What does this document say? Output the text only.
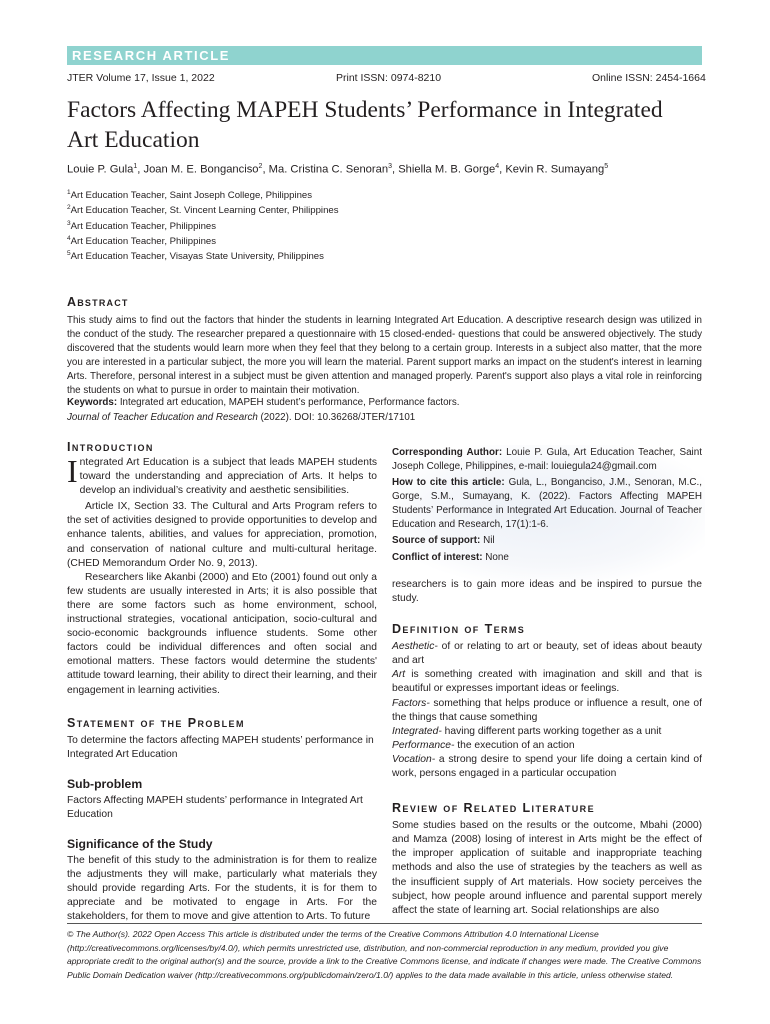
RESEARCH ARTICLE
JTER Volume 17, Issue 1, 2022	Print ISSN: 0974-8210	Online ISSN: 2454-1664
Factors Affecting MAPEH Students’ Performance in Integrated Art Education
Louie P. Gula$^1$, Joan M. E. Bonganciso$^2$, Ma. Cristina C. Senoran$^3$, Shiella M. B. Gorge$^4$, Kevin R. Sumayang$^5$
$^1$Art Education Teacher, Saint Joseph College, Philippines
$^2$Art Education Teacher, St. Vincent Learning Center, Philippines
$^3$Art Education Teacher, Philippines
$^4$Art Education Teacher, Philippines
$^5$Art Education Teacher, Visayas State University, Philippines
Abstract
This study aims to find out the factors that hinder the students in learning Integrated Art Education. A descriptive research design was utilized in the conduct of the study. The researcher prepared a questionnaire with 15 closed-ended- questions that could be answered objectively. The study discovered that the students would learn more when they feel that they belong to a certain group. Interests in a subject also matter, that the more you are interested in a particular subject, the more you will learn the material. Parent support marks an impact on the student's interest in learning Arts. Therefore, personal interest in a subject must be given attention and managed properly. Parent's support also plays a vital role in reinforcing the students on what to pursue in order to maintain their motivation.
Keywords: Integrated art education, MAPEH student’s performance, Performance factors.
Journal of Teacher Education and Research (2022). DOI: 10.36268/JTER/17101
Introduction
Integrated Art Education is a subject that leads MAPEH students toward the understanding and appreciation of Arts. It helps to develop an individual’s creativity and aesthetic sensibilities.
Article IX, Section 33. The Cultural and Arts Program refers to the set of activities designed to provide opportunities to develop and enhance talents, abilities, and values for appreciation, promotion, and conservation of national culture and multi-cultural heritage. (CHED Memorandum Order No. 9, 2013).
Researchers like Akanbi (2000) and Eto (2001) found out only a few students are usually interested in Arts; it is also possible that there are some factors such as home environment, school, instructional strategies, vocational anticipation, socio-cultural and socio-economic backgrounds influence students. Some other factors could be individual differences and often social and emotional matters. These factors would determine the students' attitude toward learning, their ability to direct their learning, and their engagement in learning activities.
Statement of the Problem
To determine the factors affecting MAPEH students’ performance in Integrated Art Education
Sub-problem
Factors Affecting MAPEH students’ performance in Integrated Art Education
Significance of the Study
The benefit of this study to the administration is for them to realize the adjustments they will make, particularly what materials they should provide regarding Arts. For the students, it is for them to appreciate and be motivated to engage in Arts. For the stakeholders, for them to move and give attention to Arts. To future
Corresponding Author: Louie P. Gula, Art Education Teacher, Saint Joseph College, Philippines, e-mail: louiegula24@gmail.com
How to cite this article: Gula, L., Bonganciso, J.M., Senoran, M.C., Gorge, S.M., Sumayang, K. (2022). Factors Affecting MAPEH Students’ Performance in Integrated Art Education. Journal of Teacher Education and Research, 17(1):1-6.
Source of support: Nil
Conflict of interest: None
researchers is to gain more ideas and be inspired to pursue the study.
Definition of Terms
Aesthetic- of or relating to art or beauty, set of ideas about beauty and art
Art is something created with imagination and skill and that is beautiful or expresses important ideas or feelings.
Factors- something that helps produce or influence a result, one of the things that cause something
Integrated- having different parts working together as a unit
Performance- the execution of an action
Vocation- a strong desire to spend your life doing a certain kind of work, persons engaged in a particular occupation
Review of Related Literature
Some studies based on the results or the outcome, Mbahi (2000) and Mamza (2008) losing of interest in Arts might be the effect of the improper application of suitable and inappropriate teaching methods and also the use of strategies by the teachers as well as the insufficient supply of Art materials. How society perceives the subject, how people around influence and parental support merely affect the state of learning art. Social relationships are also
© The Author(s). 2022 Open Access This article is distributed under the terms of the Creative Commons Attribution 4.0 International License (http://creativecommons.org/licenses/by/4.0/), which permits unrestricted use, distribution, and non-commercial reproduction in any medium, provided you give appropriate credit to the original author(s) and the source, provide a link to the Creative Commons license, and indicate if changes were made. The Creative Commons Public Domain Dedication waiver (http://creativecommons.org/publicdomain/zero/1.0/) applies to the data made available in this article, unless otherwise stated.
